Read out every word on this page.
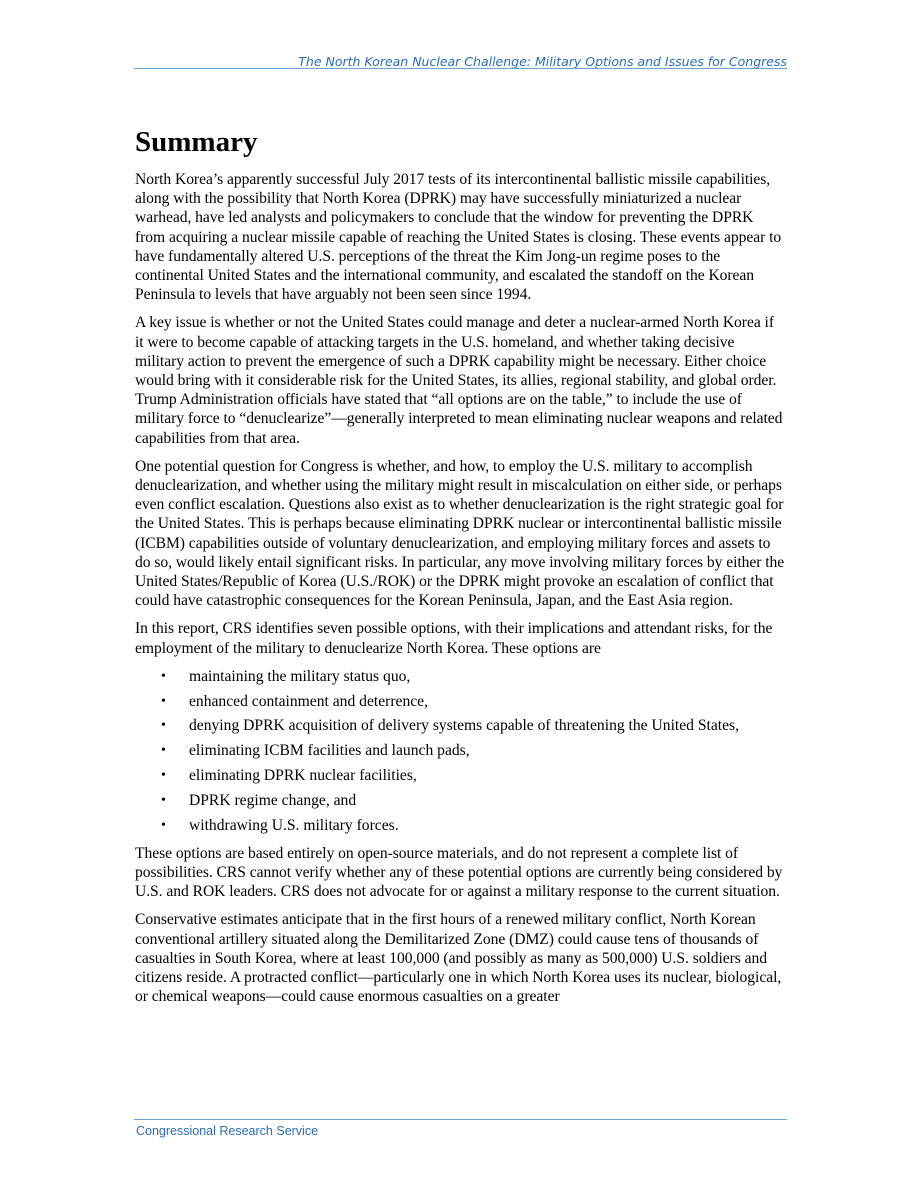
The North Korean Nuclear Challenge: Military Options and Issues for Congress
Summary

North Korea’s apparently successful July 2017 tests of its intercontinental ballistic missile capabilities, along with the possibility that North Korea (DPRK) may have successfully miniaturized a nuclear warhead, have led analysts and policymakers to conclude that the window for preventing the DPRK from acquiring a nuclear missile capable of reaching the United States is closing. These events appear to have fundamentally altered U.S. perceptions of the threat the Kim Jong-un regime poses to the continental United States and the international community, and escalated the standoff on the Korean Peninsula to levels that have arguably not been seen since 1994.

A key issue is whether or not the United States could manage and deter a nuclear-armed North Korea if it were to become capable of attacking targets in the U.S. homeland, and whether taking decisive military action to prevent the emergence of such a DPRK capability might be necessary. Either choice would bring with it considerable risk for the United States, its allies, regional stability, and global order. Trump Administration officials have stated that “all options are on the table,” to include the use of military force to “denuclearize”—generally interpreted to mean eliminating nuclear weapons and related capabilities from that area.

One potential question for Congress is whether, and how, to employ the U.S. military to accomplish denuclearization, and whether using the military might result in miscalculation on either side, or perhaps even conflict escalation. Questions also exist as to whether denuclearization is the right strategic goal for the United States. This is perhaps because eliminating DPRK nuclear or intercontinental ballistic missile (ICBM) capabilities outside of voluntary denuclearization, and employing military forces and assets to do so, would likely entail significant risks. In particular, any move involving military forces by either the United States/Republic of Korea (U.S./ROK) or the DPRK might provoke an escalation of conflict that could have catastrophic consequences for the Korean Peninsula, Japan, and the East Asia region.

In this report, CRS identifies seven possible options, with their implications and attendant risks, for the employment of the military to denuclearize North Korea. These options are

• maintaining the military status quo,
• enhanced containment and deterrence,
• denying DPRK acquisition of delivery systems capable of threatening the United States,
• eliminating ICBM facilities and launch pads,
• eliminating DPRK nuclear facilities,
• DPRK regime change, and
• withdrawing U.S. military forces.

These options are based entirely on open-source materials, and do not represent a complete list of possibilities. CRS cannot verify whether any of these potential options are currently being considered by U.S. and ROK leaders. CRS does not advocate for or against a military response to the current situation.

Conservative estimates anticipate that in the first hours of a renewed military conflict, North Korean conventional artillery situated along the Demilitarized Zone (DMZ) could cause tens of thousands of casualties in South Korea, where at least 100,000 (and possibly as many as 500,000) U.S. soldiers and citizens reside. A protracted conflict—particularly one in which North Korea uses its nuclear, biological, or chemical weapons—could cause enormous casualties on a greater

Congressional Research Service
